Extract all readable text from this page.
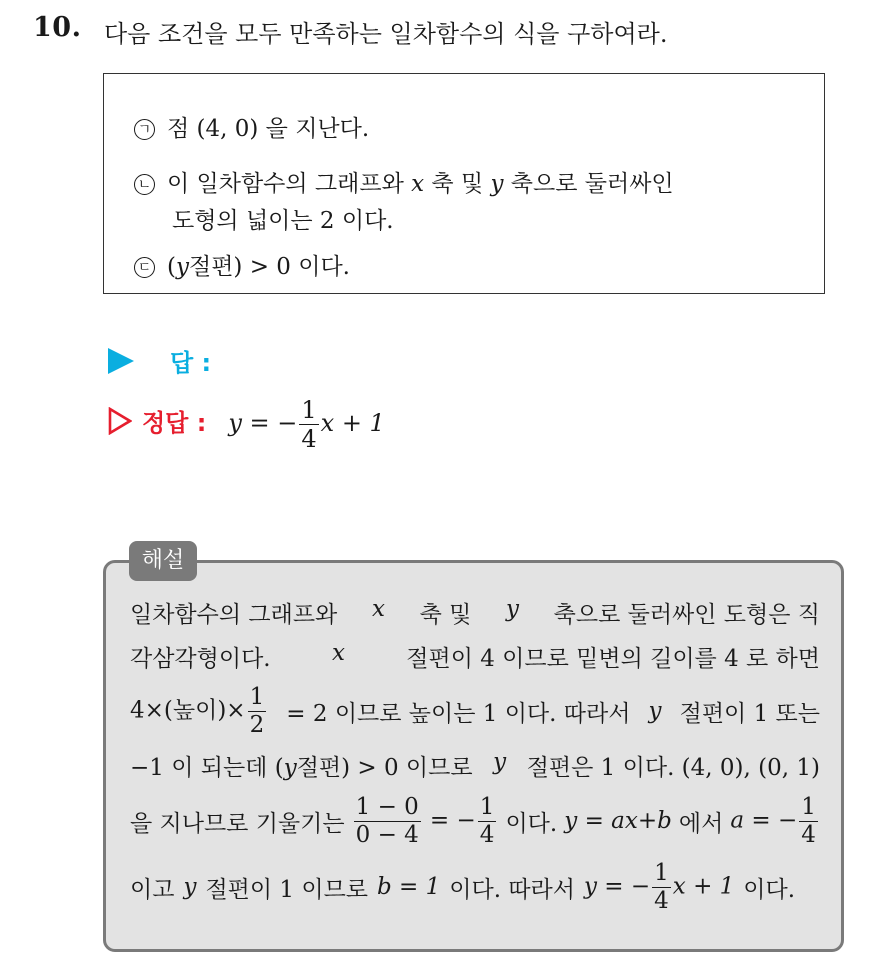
10. 다음 조건을 모두 만족하는 일차함수의 식을 구하여라.
ㄱ 점 (4, 0) 을 지난다.
ㄴ 이 일차함수의 그래프와 x 축 및 y 축으로 둘러싸인
도형의 넓이는 2 이다.
ㄷ (y절편) > 0 이다.
답 :
정답 : y = − $\frac{1}{4}$ x + 1
해설
일차함수의 그래프와 x 축 및 y 축으로 둘러싸인 도형은 직
각삼각형이다.	x	절편이 4 이므로 밑변의 길이를 4 로 하면
4×(높이)× $\frac{1}{2} = 2$ 이므로 높이는 1 이다. 따라서 y 절편이 1 또는
−1 이 되는데 (y절편) > 0 이므로 y 절편은 1 이다. (4, 0), (0, 1)
을 지나므로 기울기는 $\frac{1 - 0}{0 - 4}$ = − $\frac{1}{4}$ 이다. y = ax+b 에서 a = − $\frac{1}{4}$
이고 y 절편이 1 이므로 b = 1 이다. 따라서 y = − $\frac{1}{4}$ x + 1 이다.
